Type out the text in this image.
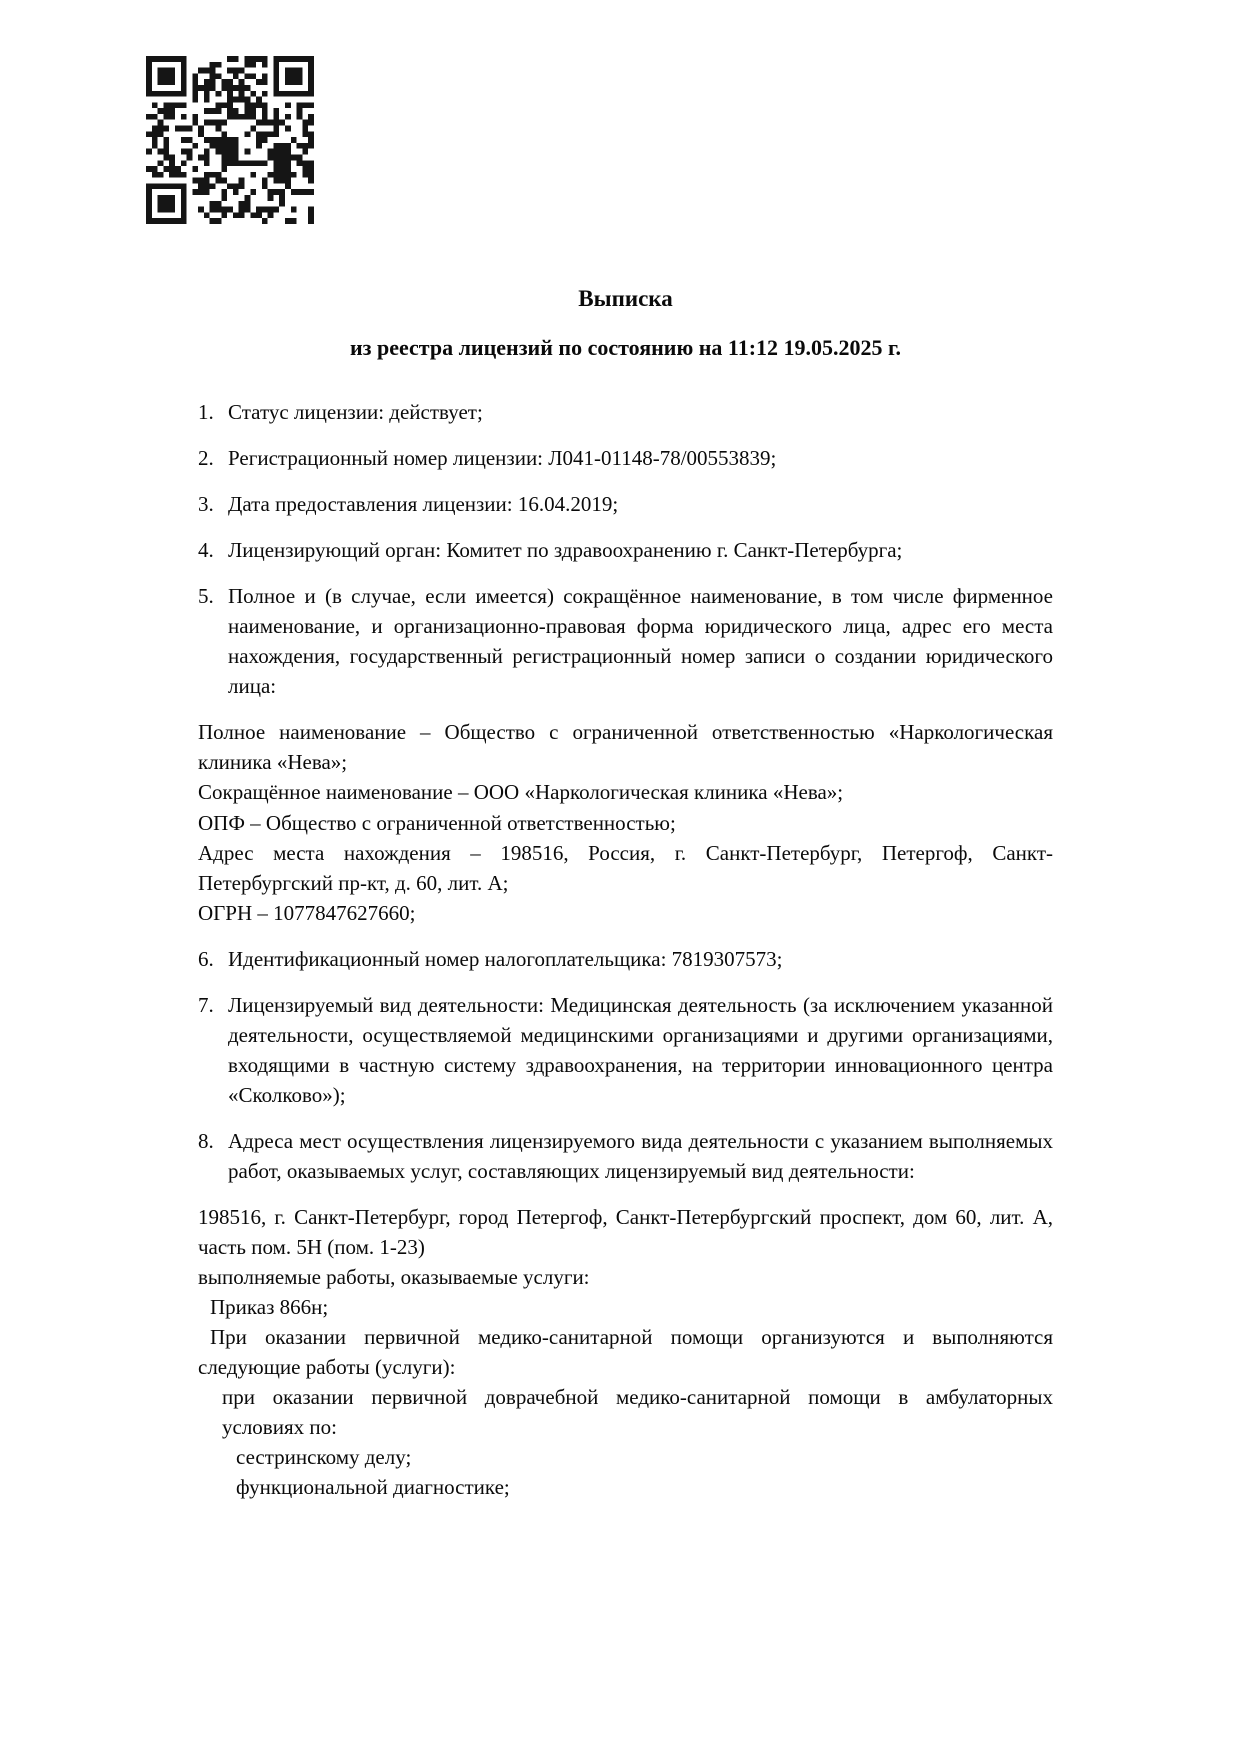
Выписка
из реестра лицензий по состоянию на 11:12 19.05.2025 г.

1. Статус лицензии: действует;

2. Регистрационный номер лицензии: Л041-01148-78/00553839;

3. Дата предоставления лицензии: 16.04.2019;

4. Лицензирующий орган: Комитет по здравоохранению г. Санкт-Петербурга;

5. Полное и (в случае, если имеется) сокращённое наименование, в том числе фирменное наименование, и организационно-правовая форма юридического лица, адрес его места нахождения, государственный регистрационный номер записи о создании юридического лица:

Полное наименование – Общество с ограниченной ответственностью «Наркологическая клиника «Нева»;

Сокращённое наименование – ООО «Наркологическая клиника «Нева»;

ОПФ – Общество с ограниченной ответственностью;

Адрес места нахождения – 198516, Россия, г. Санкт-Петербург, Петергоф, Санкт-Петербургский пр-кт, д. 60, лит. А;

ОГРН – 1077847627660;

6. Идентификационный номер налогоплательщика: 7819307573;

7. Лицензируемый вид деятельности: Медицинская деятельность (за исключением указанной деятельности, осуществляемой медицинскими организациями и другими организациями, входящими в частную систему здравоохранения, на территории инновационного центра «Сколково»);

8. Адреса мест осуществления лицензируемого вида деятельности с указанием выполняемых работ, оказываемых услуг, составляющих лицензируемый вид деятельности:

198516, г. Санкт-Петербург, город Петергоф, Санкт-Петербургский проспект, дом 60, лит. А, часть пом. 5Н (пом. 1-23)

выполняемые работы, оказываемые услуги:

Приказ 866н;

При оказании первичной медико-санитарной помощи организуются и выполняются следующие работы (услуги):

при оказании первичной доврачебной медико-санитарной помощи в амбулаторных условиях по:

сестринскому делу;

функциональной диагностике;
